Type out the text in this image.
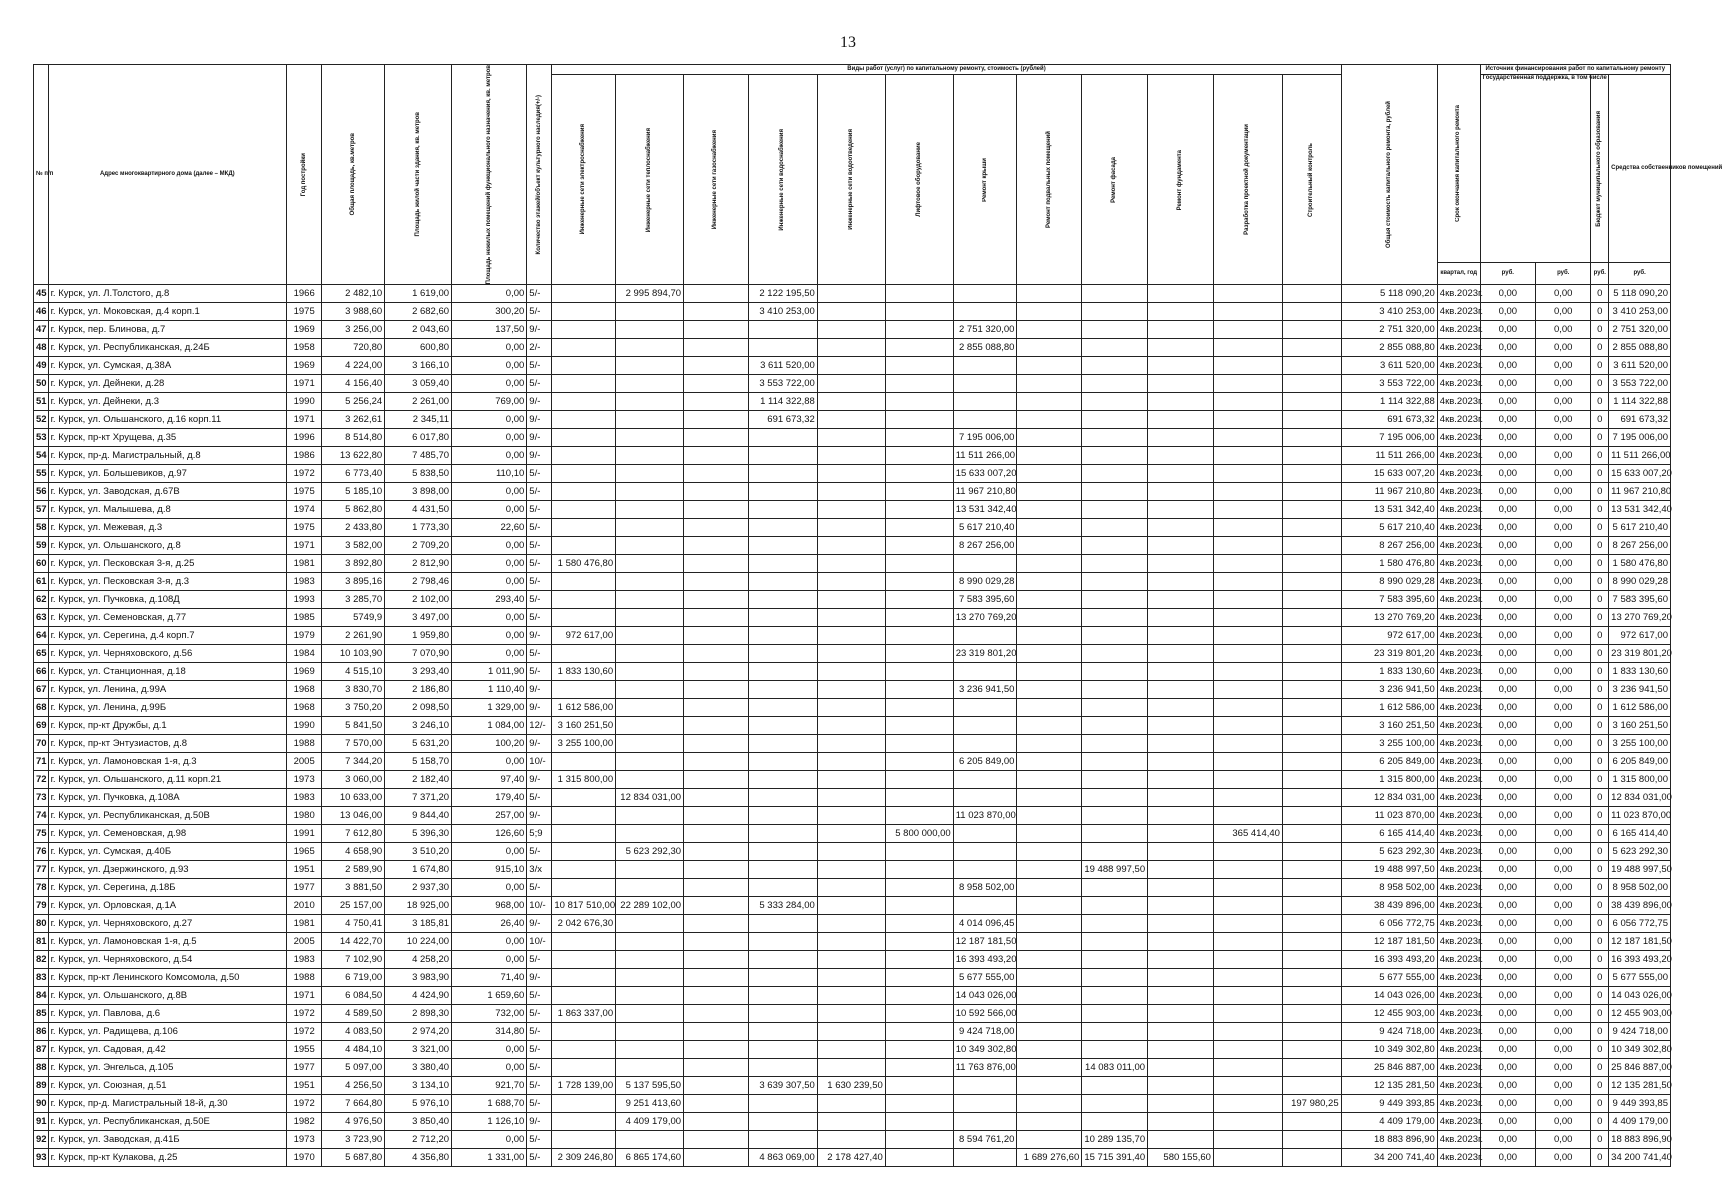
13
№ п/п	Адрес многоквартирного дома (далее – МКД)	Год постройки	Общая площадь, кв.метров	Площадь жилой части здания, кв. метров	Площадь нежилых помещений функционального назначения, кв. метров	Количество этажей/объект культурного наследия(+/-)	Виды работ (услуг) по капитальному ремонту, стоимость (рублей)												Общая стоимость капитального ремонта, рублей	Срок окончания капитального ремонта	Источник финансирования работ по капитальному ремонту			

							Инженерные сети электроснабжения	Инженерные сети теплоснабжения	Инженерные сети газоснабжения	Инженерные сети водоснабжения	Инженерные сети водоотведения	Лифтовое оборудование	Ремонт крыши	Ремонт подвальных помещений	Ремонт фасада	Ремонт фундамента	Разработка проектной документации	Строительный контроль			Государственная поддержка, в том числе		Бюджет муниципального образования	Средства собственников помещений
																				квартал, год	руб.	руб.	руб.	руб.
45	г. Курск, ул. Л.Толстого, д.8	1966	2 482,10	1 619,00	0,00	5/-		2 995 894,70		2 122 195,50									5 118 090,20	4кв.2023г.	0,00	0,00	0	5 118 090,20
46	г. Курск, ул. Моковская, д.4 корп.1	1975	3 988,60	2 682,60	300,20	5/-				3 410 253,00									3 410 253,00	4кв.2023г.	0,00	0,00	0	3 410 253,00
47	г. Курск, пер. Блинова, д.7	1969	3 256,00	2 043,60	137,50	9/-							2 751 320,00						2 751 320,00	4кв.2023г.	0,00	0,00	0	2 751 320,00
48	г. Курск, ул. Республиканская, д.24Б	1958	720,80	600,80	0,00	2/-							2 855 088,80						2 855 088,80	4кв.2023г.	0,00	0,00	0	2 855 088,80
49	г. Курск, ул. Сумская, д.38А	1969	4 224,00	3 166,10	0,00	5/-				3 611 520,00									3 611 520,00	4кв.2023г.	0,00	0,00	0	3 611 520,00
50	г. Курск, ул. Дейнеки, д.28	1971	4 156,40	3 059,40	0,00	5/-				3 553 722,00									3 553 722,00	4кв.2023г.	0,00	0,00	0	3 553 722,00
51	г. Курск, ул. Дейнеки, д.3	1990	5 256,24	2 261,00	769,00	9/-				1 114 322,88									1 114 322,88	4кв.2023г.	0,00	0,00	0	1 114 322,88
52	г. Курск, ул. Ольшанского, д.16 корп.11	1971	3 262,61	2 345,11	0,00	9/-				691 673,32									691 673,32	4кв.2023г.	0,00	0,00	0	691 673,32
53	г. Курск, пр-кт Хрущева, д.35	1996	8 514,80	6 017,80	0,00	9/-							7 195 006,00						7 195 006,00	4кв.2023г.	0,00	0,00	0	7 195 006,00
54	г. Курск, пр-д. Магистральный, д.8	1986	13 622,80	7 485,70	0,00	9/-							11 511 266,00						11 511 266,00	4кв.2023г.	0,00	0,00	0	11 511 266,00
55	г. Курск, ул. Большевиков, д.97	1972	6 773,40	5 838,50	110,10	5/-							15 633 007,20						15 633 007,20	4кв.2023г.	0,00	0,00	0	15 633 007,20
56	г. Курск, ул. Заводская, д.67В	1975	5 185,10	3 898,00	0,00	5/-							11 967 210,80						11 967 210,80	4кв.2023г.	0,00	0,00	0	11 967 210,80
57	г. Курск, ул. Малышева, д.8	1974	5 862,80	4 431,50	0,00	5/-							13 531 342,40						13 531 342,40	4кв.2023г.	0,00	0,00	0	13 531 342,40
58	г. Курск, ул. Межевая, д.3	1975	2 433,80	1 773,30	22,60	5/-							5 617 210,40						5 617 210,40	4кв.2023г.	0,00	0,00	0	5 617 210,40
59	г. Курск, ул. Ольшанского, д.8	1971	3 582,00	2 709,20	0,00	5/-							8 267 256,00						8 267 256,00	4кв.2023г.	0,00	0,00	0	8 267 256,00
60	г. Курск, ул. Песковская 3-я, д.25	1981	3 892,80	2 812,90	0,00	5/-	1 580 476,80												1 580 476,80	4кв.2023г.	0,00	0,00	0	1 580 476,80
61	г. Курск, ул. Песковская 3-я, д.3	1983	3 895,16	2 798,46	0,00	5/-							8 990 029,28						8 990 029,28	4кв.2023г.	0,00	0,00	0	8 990 029,28
62	г. Курск, ул. Пучковка, д.108Д	1993	3 285,70	2 102,00	293,40	5/-							7 583 395,60						7 583 395,60	4кв.2023г.	0,00	0,00	0	7 583 395,60
63	г. Курск, ул. Семеновская, д.77	1985	5749,9	3 497,00	0,00	5/-							13 270 769,20						13 270 769,20	4кв.2023г.	0,00	0,00	0	13 270 769,20
64	г. Курск, ул. Серегина, д.4 корп.7	1979	2 261,90	1 959,80	0,00	9/-	972 617,00												972 617,00	4кв.2023г.	0,00	0,00	0	972 617,00
65	г. Курск, ул. Черняховского, д.56	1984	10 103,90	7 070,90	0,00	5/-							23 319 801,20						23 319 801,20	4кв.2023г.	0,00	0,00	0	23 319 801,20
66	г. Курск, ул. Станционная, д.18	1969	4 515,10	3 293,40	1 011,90	5/-	1 833 130,60												1 833 130,60	4кв.2023г.	0,00	0,00	0	1 833 130,60
67	г. Курск, ул. Ленина, д.99А	1968	3 830,70	2 186,80	1 110,40	9/-							3 236 941,50						3 236 941,50	4кв.2023г.	0,00	0,00	0	3 236 941,50
68	г. Курск, ул. Ленина, д.99Б	1968	3 750,20	2 098,50	1 329,00	9/-	1 612 586,00												1 612 586,00	4кв.2023г.	0,00	0,00	0	1 612 586,00
69	г. Курск, пр-кт Дружбы, д.1	1990	5 841,50	3 246,10	1 084,00	12/-	3 160 251,50												3 160 251,50	4кв.2023г.	0,00	0,00	0	3 160 251,50
70	г. Курск, пр-кт Энтузиастов, д.8	1988	7 570,00	5 631,20	100,20	9/-	3 255 100,00												3 255 100,00	4кв.2023г.	0,00	0,00	0	3 255 100,00
71	г. Курск, ул. Ламоновская 1-я, д.3	2005	7 344,20	5 158,70	0,00	10/-							6 205 849,00						6 205 849,00	4кв.2023г.	0,00	0,00	0	6 205 849,00
72	г. Курск, ул. Ольшанского, д.11 корп.21	1973	3 060,00	2 182,40	97,40	9/-	1 315 800,00												1 315 800,00	4кв.2023г.	0,00	0,00	0	1 315 800,00
73	г. Курск, ул. Пучковка, д.108А	1983	10 633,00	7 371,20	179,40	5/-		12 834 031,00											12 834 031,00	4кв.2023г.	0,00	0,00	0	12 834 031,00
74	г. Курск, ул. Республиканская, д.50В	1980	13 046,00	9 844,40	257,00	9/-							11 023 870,00						11 023 870,00	4кв.2023г.	0,00	0,00	0	11 023 870,00
75	г. Курск, ул. Семеновская, д.98	1991	7 612,80	5 396,30	126,60	5;9						5 800 000,00					365 414,40		6 165 414,40	4кв.2023г.	0,00	0,00	0	6 165 414,40
76	г. Курск, ул. Сумская, д.40Б	1965	4 658,90	3 510,20	0,00	5/-		5 623 292,30											5 623 292,30	4кв.2023г.	0,00	0,00	0	5 623 292,30
77	г. Курск, ул. Дзержинского, д.93	1951	2 589,90	1 674,80	915,10	3/x									19 488 997,50				19 488 997,50	4кв.2023г.	0,00	0,00	0	19 488 997,50
78	г. Курск, ул. Серегина, д.18Б	1977	3 881,50	2 937,30	0,00	5/-							8 958 502,00						8 958 502,00	4кв.2023г.	0,00	0,00	0	8 958 502,00
79	г. Курск, ул. Орловская, д.1А	2010	25 157,00	18 925,00	968,00	10/-	10 817 510,00	22 289 102,00		5 333 284,00									38 439 896,00	4кв.2023г.	0,00	0,00	0	38 439 896,00
80	г. Курск, ул. Черняховского, д.27	1981	4 750,41	3 185,81	26,40	9/-	2 042 676,30						4 014 096,45						6 056 772,75	4кв.2023г.	0,00	0,00	0	6 056 772,75
81	г. Курск, ул. Ламоновская 1-я, д.5	2005	14 422,70	10 224,00	0,00	10/-							12 187 181,50						12 187 181,50	4кв.2023г.	0,00	0,00	0	12 187 181,50
82	г. Курск, ул. Черняховского, д.54	1983	7 102,90	4 258,20	0,00	5/-							16 393 493,20						16 393 493,20	4кв.2023г.	0,00	0,00	0	16 393 493,20
83	г. Курск, пр-кт Ленинского Комсомола, д.50	1988	6 719,00	3 983,90	71,40	9/-							5 677 555,00						5 677 555,00	4кв.2023г.	0,00	0,00	0	5 677 555,00
84	г. Курск, ул. Ольшанского, д.8В	1971	6 084,50	4 424,90	1 659,60	5/-							14 043 026,00						14 043 026,00	4кв.2023г.	0,00	0,00	0	14 043 026,00
85	г. Курск, ул. Павлова, д.6	1972	4 589,50	2 898,30	732,00	5/-	1 863 337,00						10 592 566,00						12 455 903,00	4кв.2023г.	0,00	0,00	0	12 455 903,00
86	г. Курск, ул. Радищева, д.106	1972	4 083,50	2 974,20	314,80	5/-							9 424 718,00						9 424 718,00	4кв.2023г.	0,00	0,00	0	9 424 718,00
87	г. Курск, ул. Садовая, д.42	1955	4 484,10	3 321,00	0,00	5/-							10 349 302,80						10 349 302,80	4кв.2023г.	0,00	0,00	0	10 349 302,80
88	г. Курск, ул. Энгельса, д.105	1977	5 097,00	3 380,40	0,00	5/-							11 763 876,00		14 083 011,00				25 846 887,00	4кв.2023г.	0,00	0,00	0	25 846 887,00
89	г. Курск, ул. Союзная, д.51	1951	4 256,50	3 134,10	921,70	5/-	1 728 139,00	5 137 595,50		3 639 307,50	1 630 239,50								12 135 281,50	4кв.2023г.	0,00	0,00	0	12 135 281,50
90	г. Курск, пр-д. Магистральный 18-й, д.30	1972	7 664,80	5 976,10	1 688,70	5/-		9 251 413,60										197 980,25	9 449 393,85	4кв.2023г.	0,00	0,00	0	9 449 393,85
91	г. Курск, ул. Республиканская, д.50Е	1982	4 976,50	3 850,40	1 126,10	9/-		4 409 179,00											4 409 179,00	4кв.2023г.	0,00	0,00	0	4 409 179,00
92	г. Курск, ул. Заводская, д.41Б	1973	3 723,90	2 712,20	0,00	5/-							8 594 761,20		10 289 135,70				18 883 896,90	4кв.2023г.	0,00	0,00	0	18 883 896,90
93	г. Курск, пр-кт Кулакова, д.25	1970	5 687,80	4 356,80	1 331,00	5/-	2 309 246,80	6 865 174,60		4 863 069,00	2 178 427,40			1 689 276,60	15 715 391,40	580 155,60			34 200 741,40	4кв.2023г.	0,00	0,00	0	34 200 741,40
